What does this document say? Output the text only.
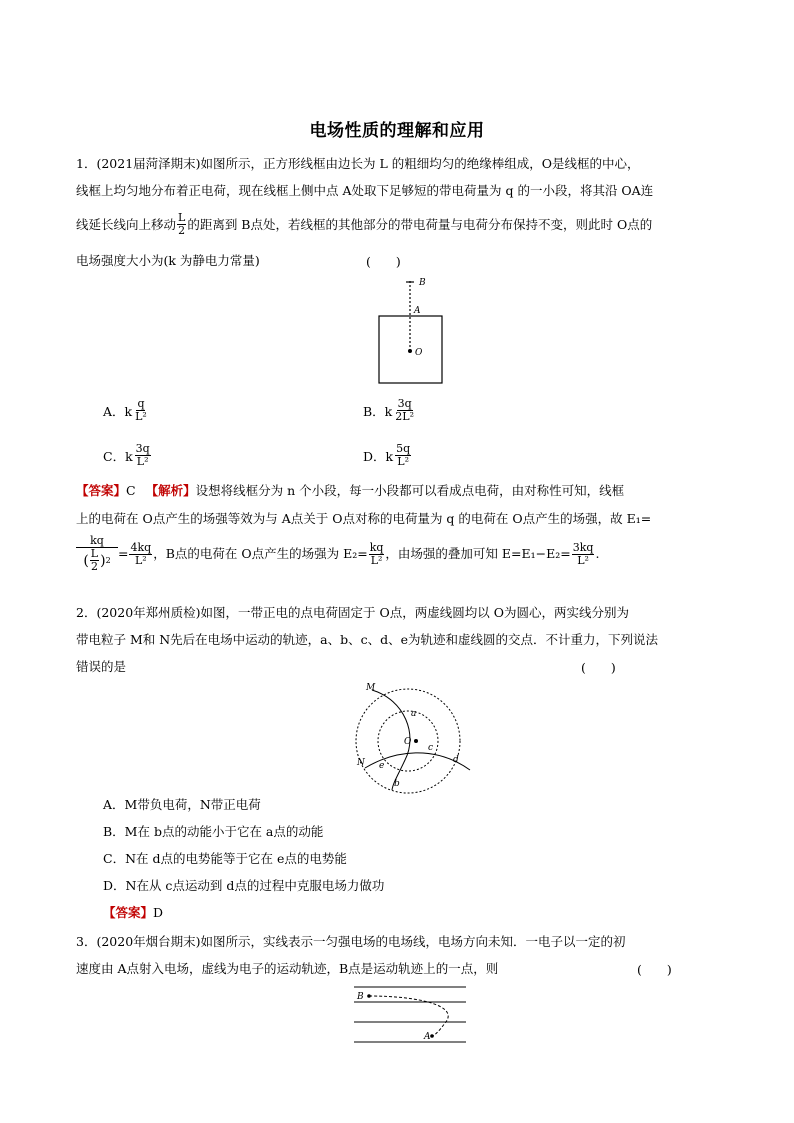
电场性质的理解和应用
1．(2021届菏泽期末)如图所示，正方形线框由边长为 L 的粗细均匀的绝缘棒组成，O是线框的中心，
线框上均匀地分布着正电荷，现在线框上侧中点 A处取下足够短的带电荷量为 q 的一小段，将其沿 OA连
线延长线向上移动 $\frac{L}{2}$ 的距离到 B点处，若线框的其他部分的带电荷量与电荷分布保持不变，则此时 O点的
电场强度大小为(k 为静电力常量)	(　　)
B
A
O
A．k $\frac{q}{\text{L²}}$	B．k $\frac{3q}{\text{2L²}}$
C．k $\frac{3q}{\text{L²}}$	D．k $\frac{5q}{\text{L²}}$
【答案】C 【解析】设想将线框分为 n 个小段，每一小段都可以看成点电荷，由对称性可知，线框
上的电荷在 O点产生的场强等效为与 A点关于 O点对称的电荷量为 q 的电荷在 O点产生的场强，故 E₁=
$\frac{kq}{( \frac{L}{2} ) 2} = \frac{4kq}{\text{L²}}$ ，B点的电荷在 O点产生的场强为 $E_2= \frac{kq}{\text{L²}}$ ，由场强的叠加可知 $E=E_1-E_2= \frac{3kq}{\text{L²}}$ .
2．(2020年郑州质检)如图，一带正电的点电荷固定于 O点，两虚线圆均以 O为圆心，两实线分别为
带电粒子 M和 N先后在电场中运动的轨迹，a、b、c、d、e为轨迹和虚线圆的交点．不计重力，下列说法
错误的是	(　　)
M
N
O
a
b
c
d
e
A．M带负电荷，N带正电荷
B．M在 b点的动能小于它在 a点的动能
C．N在 d点的电势能等于它在 e点的电势能
D．N在从 c点运动到 d点的过程中克服电场力做功
【答案】D
3．(2020年烟台期末)如图所示，实线表示一匀强电场的电场线，电场方向未知．一电子以一定的初
速度由 A点射入电场，虚线为电子的运动轨迹，B点是运动轨迹上的一点，则	(　　)
B
A
